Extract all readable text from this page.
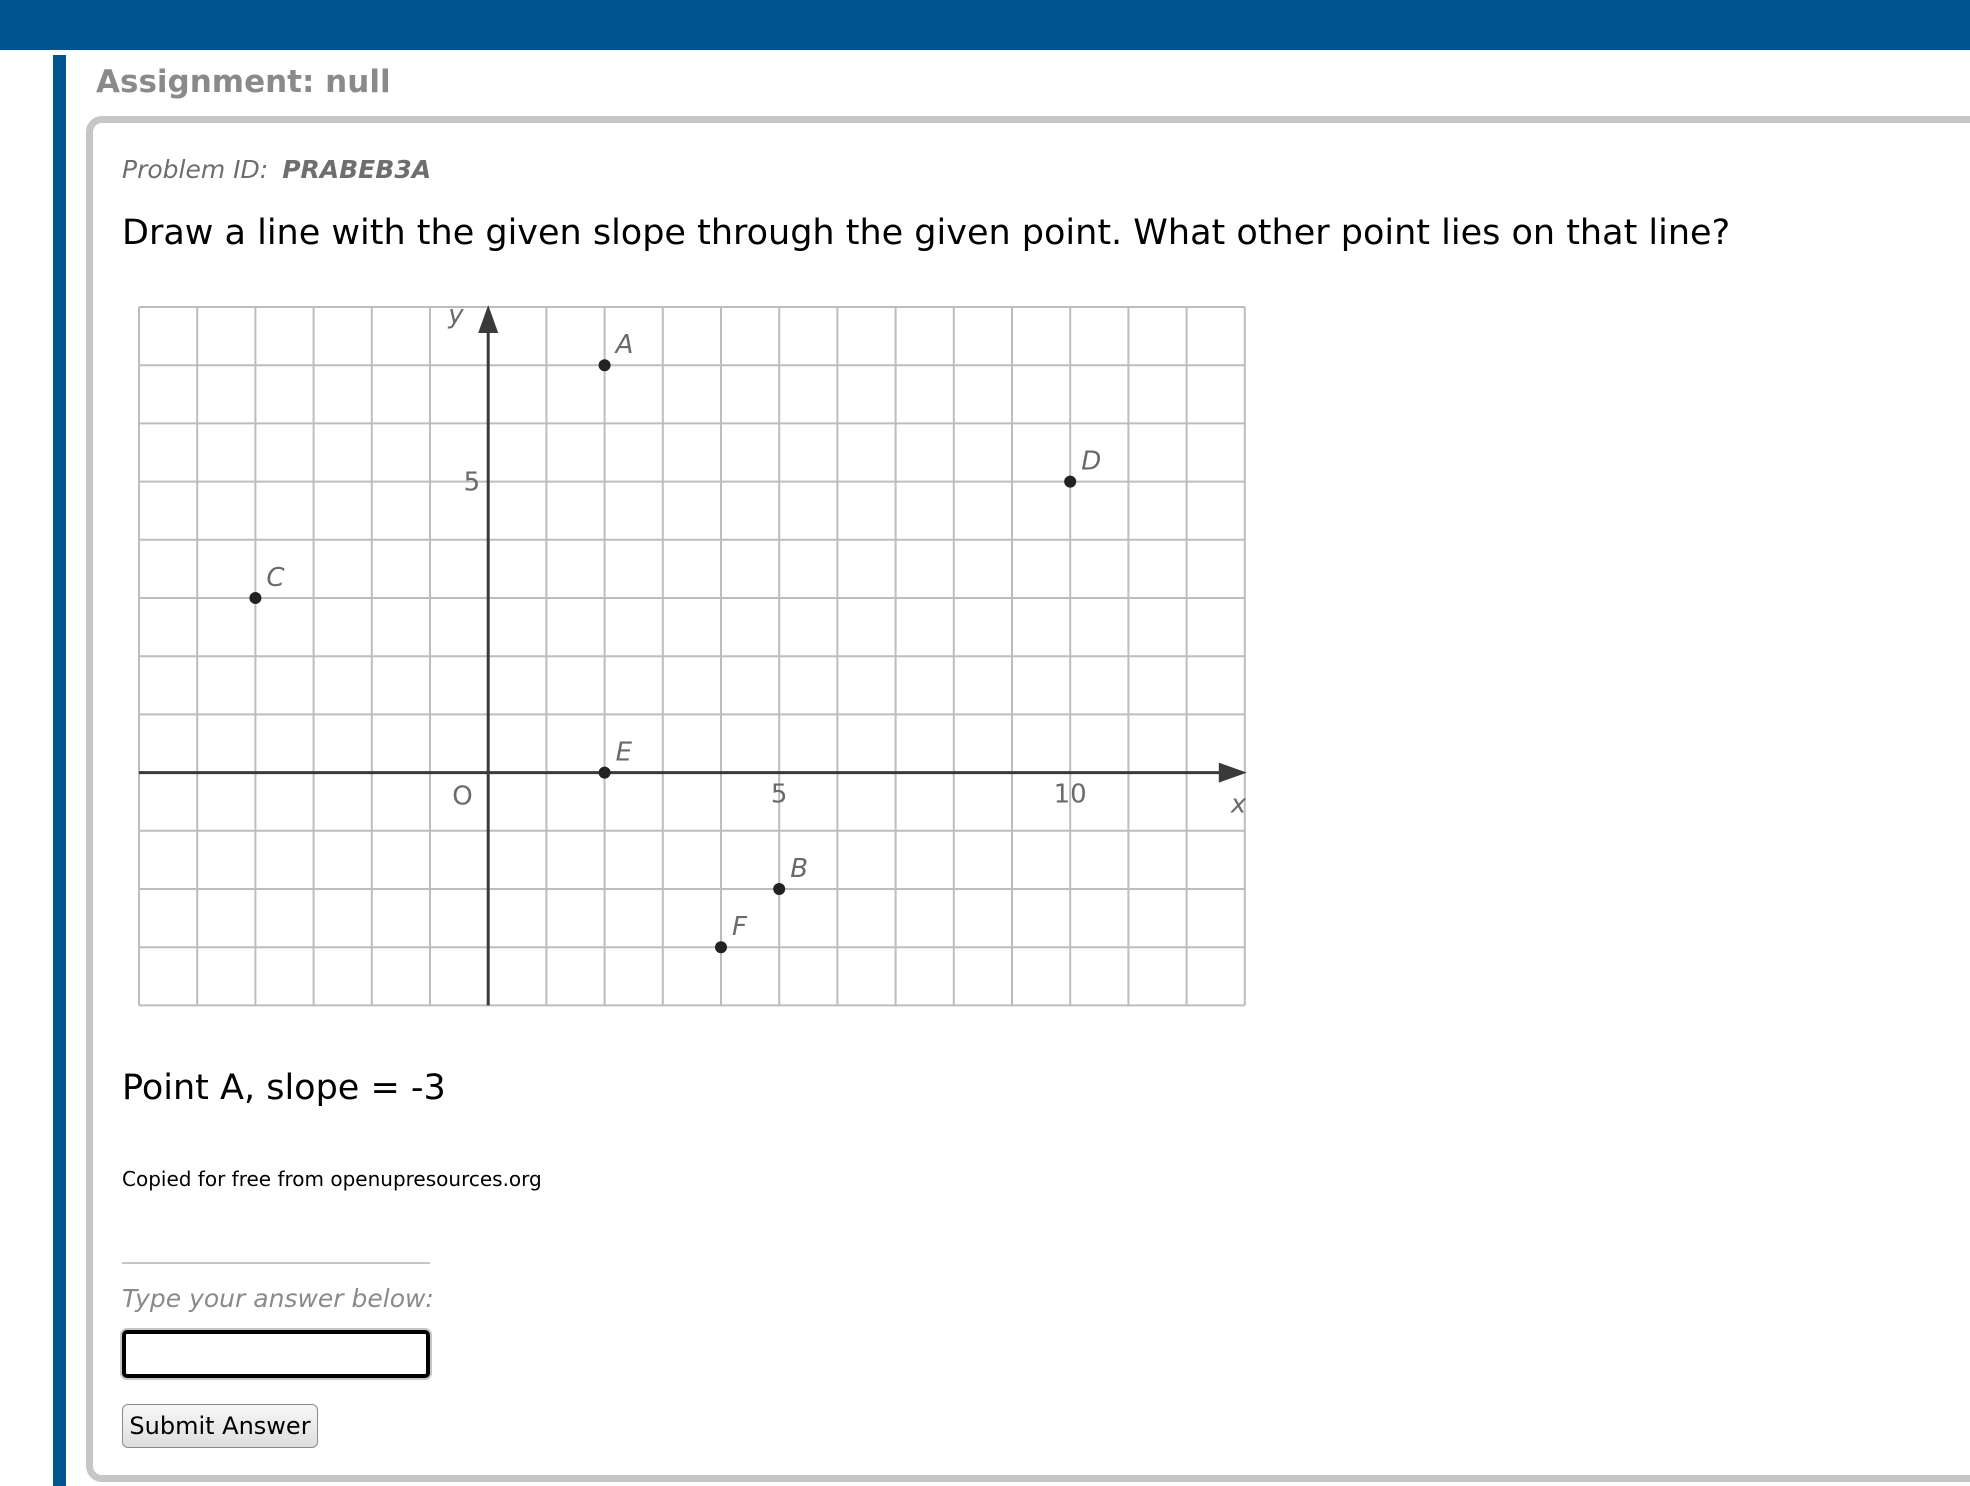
Assignment: null
Problem ID: PRABEB3A

Draw a line with the given slope through the given point. What other point lies on that line?

x
y
O	5	10
5
A
B
C
D
E
F

Point A, slope = -3

Copied for free from openupresources.org
Type your answer below:
Submit Answer
